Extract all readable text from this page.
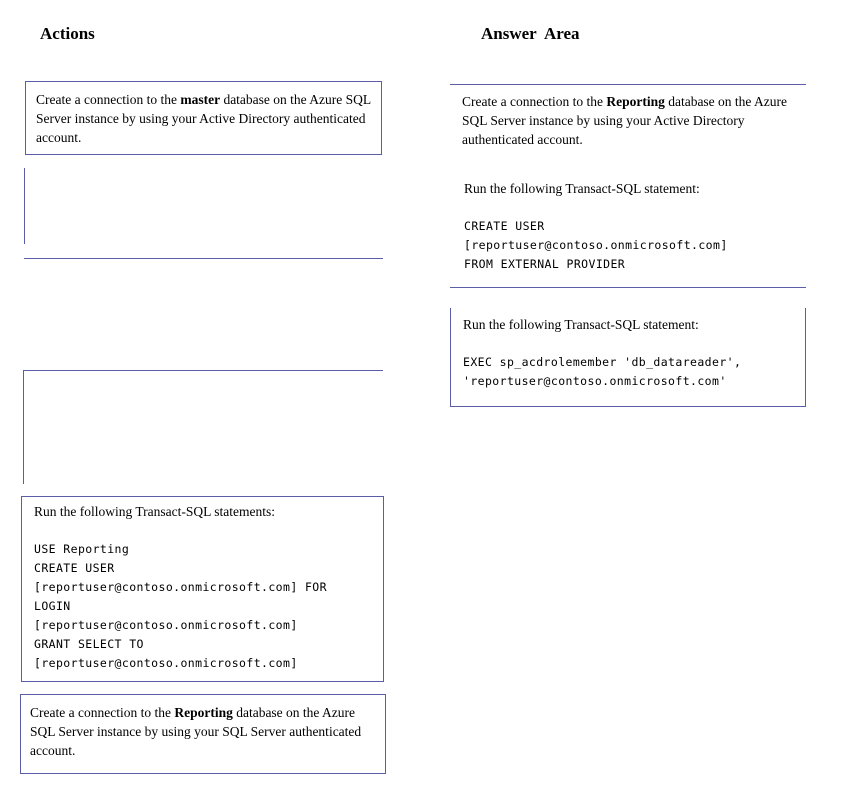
Actions	Answer  Area
Create a connection to the master database on the Azure SQL Server instance by using your Active Directory authenticated account.
Run the following Transact-SQL statements:
USE Reporting
CREATE USER
[reportuser@contoso.onmicrosoft.com] FOR
LOGIN
[reportuser@contoso.onmicrosoft.com]
GRANT SELECT TO
[reportuser@contoso.onmicrosoft.com]
Create a connection to the Reporting database on the Azure SQL Server instance by using your SQL Server authenticated account.
Create a connection to the Reporting database on the Azure SQL Server instance by using your Active Directory authenticated account.
Run the following Transact-SQL statement:
CREATE USER
[reportuser@contoso.onmicrosoft.com]
FROM EXTERNAL PROVIDER
Run the following Transact-SQL statement:
EXEC sp_acdrolemember 'db_datareader',
'reportuser@contoso.onmicrosoft.com'
